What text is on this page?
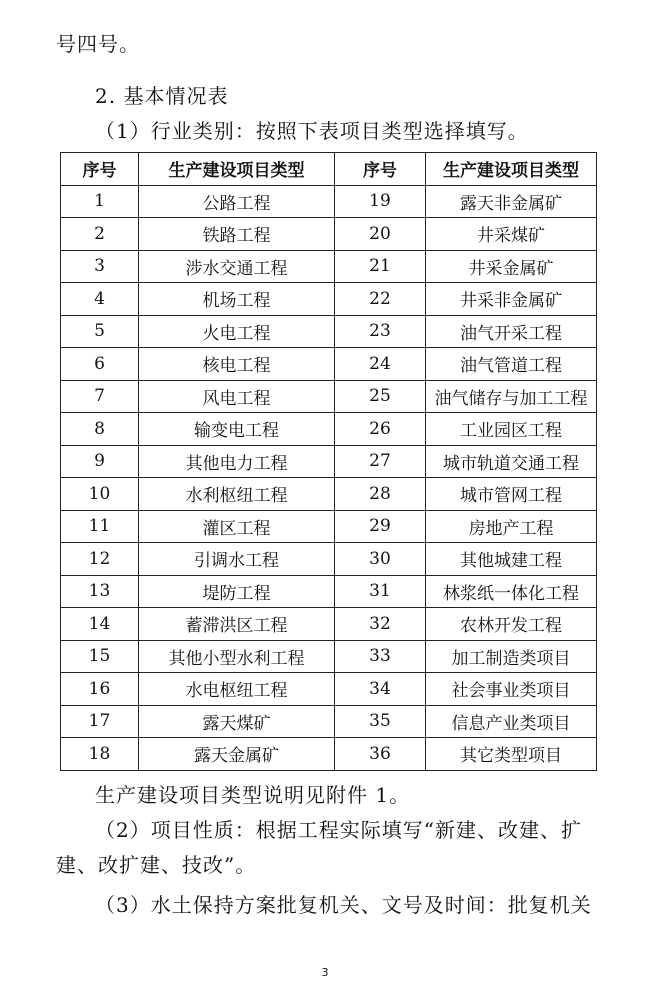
号四号。
2. 基本情况表
（1）行业类别：按照下表项目类型选择填写。
序号	生产建设项目类型	序号	生产建设项目类型
1	公路工程	19	露天非金属矿
2	铁路工程	20	井采煤矿
3	涉水交通工程	21	井采金属矿
4	机场工程	22	井采非金属矿
5	火电工程	23	油气开采工程
6	核电工程	24	油气管道工程
7	风电工程	25	油气储存与加工工程
8	输变电工程	26	工业园区工程
9	其他电力工程	27	城市轨道交通工程
10	水利枢纽工程	28	城市管网工程
11	灌区工程	29	房地产工程
12	引调水工程	30	其他城建工程
13	堤防工程	31	林浆纸一体化工程
14	蓄滞洪区工程	32	农林开发工程
15	其他小型水利工程	33	加工制造类项目
16	水电枢纽工程	34	社会事业类项目
17	露天煤矿	35	信息产业类项目
18	露天金属矿	36	其它类型项目
生产建设项目类型说明见附件 1。
（2）项目性质：根据工程实际填写“新建、改建、扩
建、改扩建、技改”。
（3）水土保持方案批复机关、文号及时间：批复机关
3
